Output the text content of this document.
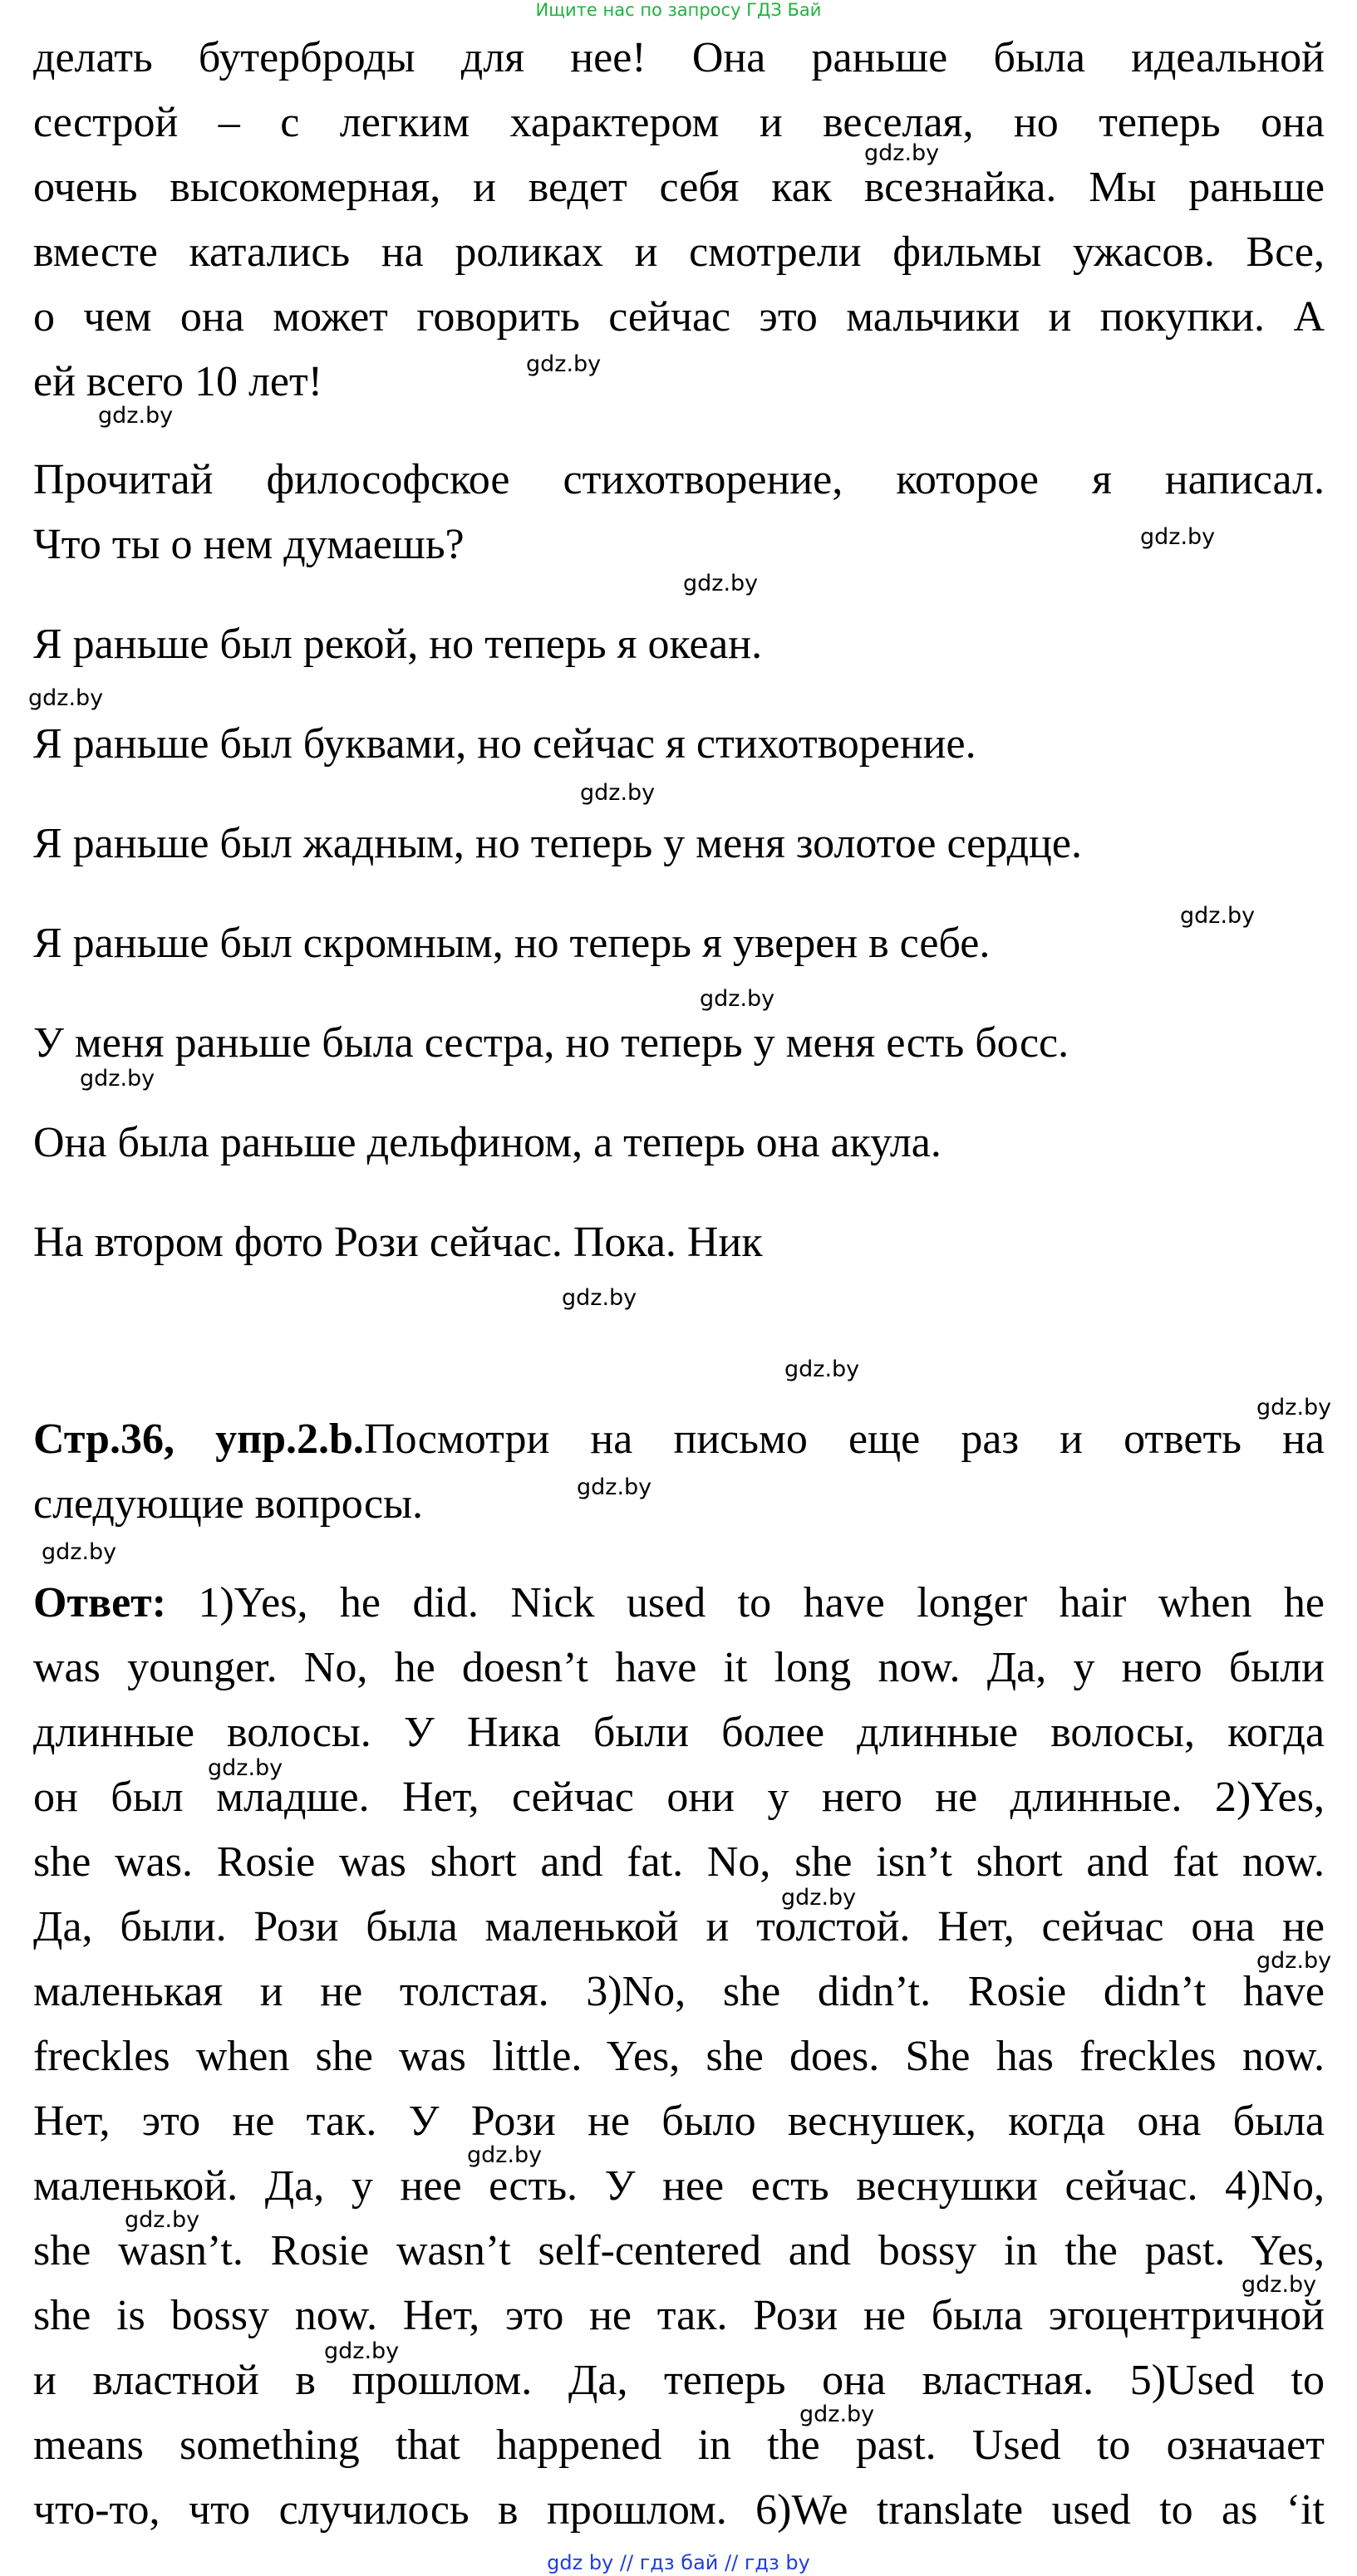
Ищите нас по запросу ГДЗ Бай

делать бутерброды для нее! Она раньше была идеальной

сестрой – с легким характером и веселая, но теперь она

очень высокомерная, и ведет себя как всезнайка. Мы раньше

вместе катались на роликах и смотрели фильмы ужасов. Все,

о чем она может говорить сейчас это мальчики и покупки. А

ей всего 10 лет!

Прочитай философское стихотворение, которое я написал.

Что ты о нем думаешь?

Я раньше был рекой, но теперь я океан.

Я раньше был буквами, но сейчас я стихотворение.

Я раньше был жадным, но теперь у меня золотое сердце.

Я раньше был скромным, но теперь я уверен в себе.

У меня раньше была сестра, но теперь у меня есть босс.

Она была раньше дельфином, а теперь она акула.

На втором фото Рози сейчас. Пока. Ник

Стр.36, упр.2.b.Посмотри на письмо еще раз и ответь на

следующие вопросы.

Ответ: 1)Yes, he did. Nick used to have longer hair when he

was younger. No, he doesn’t have it long now. Да, у него были

длинные волосы. У Ника были более длинные волосы, когда

он был младше. Нет, сейчас они у него не длинные. 2)Yes,

she was. Rosie was short and fat. No, she isn’t short and fat now.

Да, были. Рози была маленькой и толстой. Нет, сейчас она не

маленькая и не толстая. 3)No, she didn’t. Rosie didn’t have

freckles when she was little. Yes, she does. She has freckles now.

Нет, это не так. У Рози не было веснушек, когда она была

маленькой. Да, у нее есть. У нее есть веснушки сейчас. 4)No,

she wasn’t. Rosie wasn’t self-centered and bossy in the past. Yes,

she is bossy now. Нет, это не так. Рози не была эгоцентричной

и властной в прошлом. Да, теперь она властная. 5)Used to

means something that happened in the past. Used to означает

что-то, что случилось в прошлом. 6)We translate used to as ‘it

gdz.by
gdz.by
gdz.by
gdz.by
gdz.by
gdz.by
gdz.by
gdz.by
gdz.by
gdz.by
gdz.by
gdz.by
gdz.by
gdz.by
gdz.by
gdz.by
gdz.by
gdz.by
gdz.by
gdz.by
gdz.by
gdz.by
gdz.by
gdz by // гдз бай // гдз by
